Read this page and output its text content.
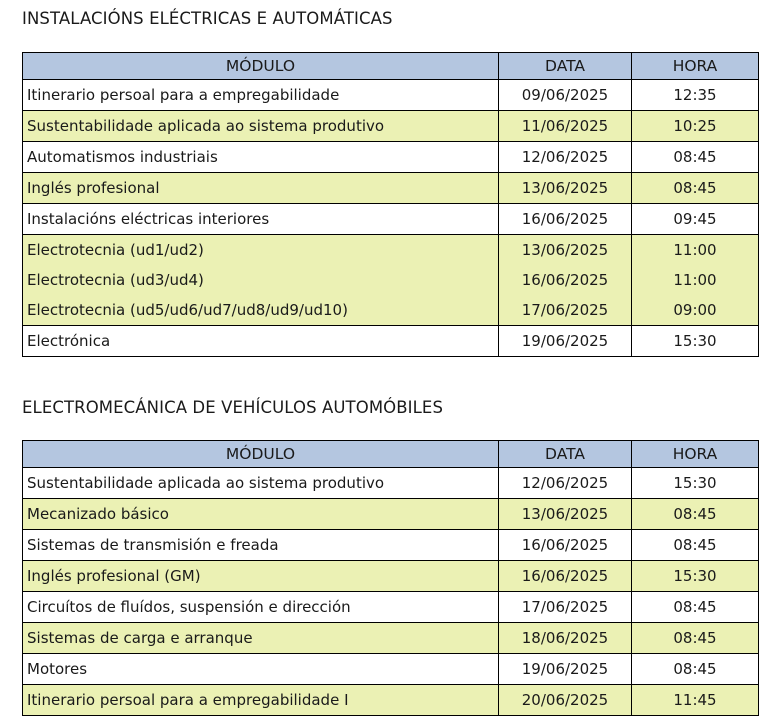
INSTALACIÓNS ELÉCTRICAS E AUTOMÁTICAS
MÓDULO	DATA	HORA
Itinerario persoal para a empregabilidade	09/06/2025	12:35
Sustentabilidade aplicada ao sistema produtivo	11/06/2025	10:25
Automatismos industriais	12/06/2025	08:45
Inglés profesional	13/06/2025	08:45
Instalacións eléctricas interiores	16/06/2025	09:45
Electrotecnia (ud1/ud2)	13/06/2025	11:00
Electrotecnia (ud3/ud4)	16/06/2025	11:00
Electrotecnia (ud5/ud6/ud7/ud8/ud9/ud10)	17/06/2025	09:00
Electrónica	19/06/2025	15:30
ELECTROMECÁNICA DE VEHÍCULOS AUTOMÓBILES
MÓDULO	DATA	HORA
Sustentabilidade aplicada ao sistema produtivo	12/06/2025	15:30
Mecanizado básico	13/06/2025	08:45
Sistemas de transmisión e freada	16/06/2025	08:45
Inglés profesional (GM)	16/06/2025	15:30
Circuítos de fluídos, suspensión e dirección	17/06/2025	08:45
Sistemas de carga e arranque	18/06/2025	08:45
Motores	19/06/2025	08:45
Itinerario persoal para a empregabilidade I	20/06/2025	11:45
